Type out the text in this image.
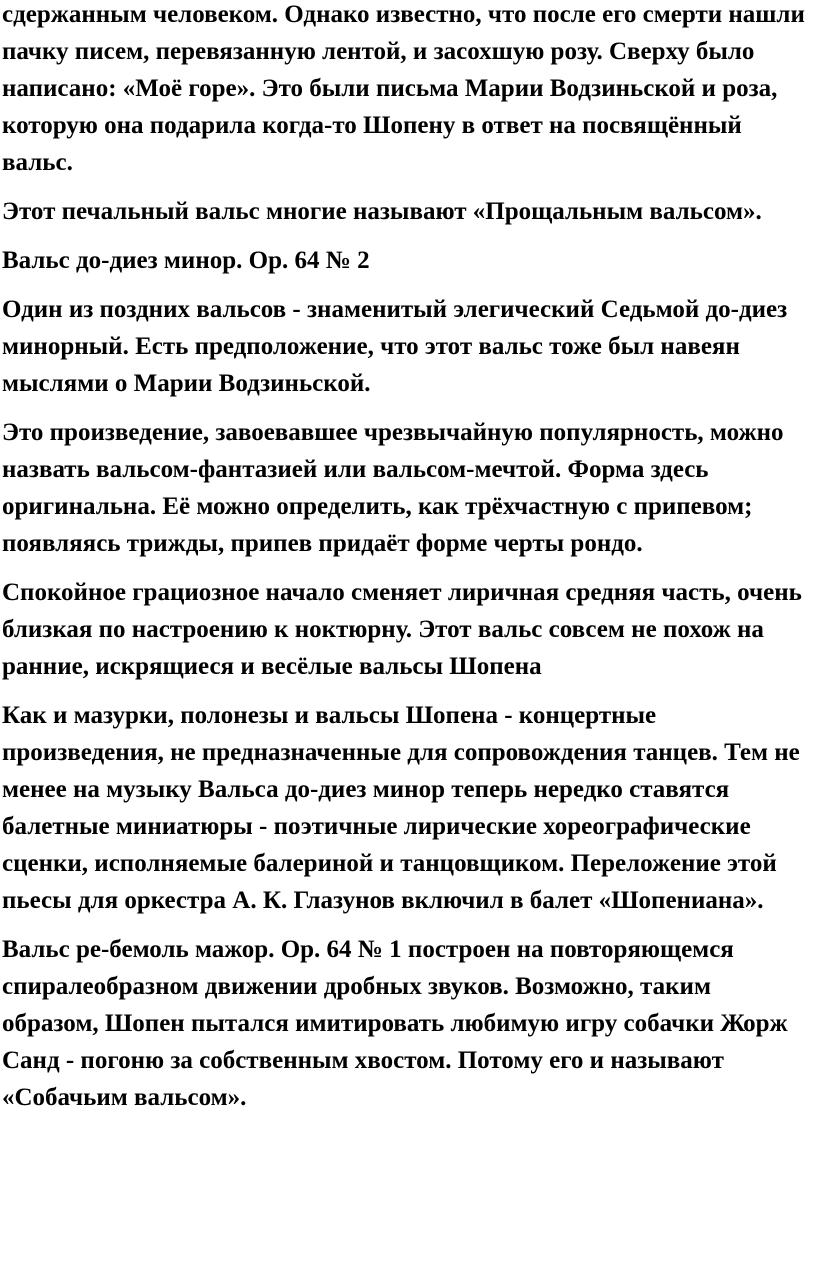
сдержанным человеком. Однако известно, что после его смерти нашли пачку писем, перевязанную лентой, и засохшую розу. Сверху было написано: «Моё горе». Это были письма Марии Водзиньской и роза, которую она подарила когда-то Шопену в ответ на посвящённый вальс.

Этот печальный вальс многие называют «Прощальным вальсом».

Вальс до-диез минор. Op. 64 № 2

Один из поздних вальсов - знаменитый элегический Седьмой до-диез минорный. Есть предположение, что этот вальс тоже был навеян мыслями о Марии Водзиньской.

Это произведение, завоевавшее чрезвычайную популярность, можно назвать вальсом-фантазией или вальсом-мечтой. Форма здесь оригинальна. Её можно определить, как трёхчастную с припевом; появляясь трижды, припев придаёт форме черты рондо.

Спокойное грациозное начало сменяет лиричная средняя часть, очень близкая по настроению к ноктюрну. Этот вальс совсем не похож на ранние, искрящиеся и весёлые вальсы Шопена

Как и мазурки, полонезы и вальсы Шопена - концертные произведения, не предназначенные для сопровождения танцев. Тем не менее на музыку Вальса до-диез минор теперь нередко ставятся балетные миниатюры - поэтичные лирические хореографические сценки, исполняемые балериной и танцовщиком. Переложение этой пьесы для оркестра А. К. Глазунов включил в балет «Шопениана».

Вальс ре-бемоль мажор. Op. 64 № 1 построен на повторяющемся спиралеобразном движении дробных звуков. Возможно, таким образом, Шопен пытался имитировать любимую игру собачки Жорж Санд - погоню за собственным хвостом. Потому его и называют «Собачьим вальсом».
